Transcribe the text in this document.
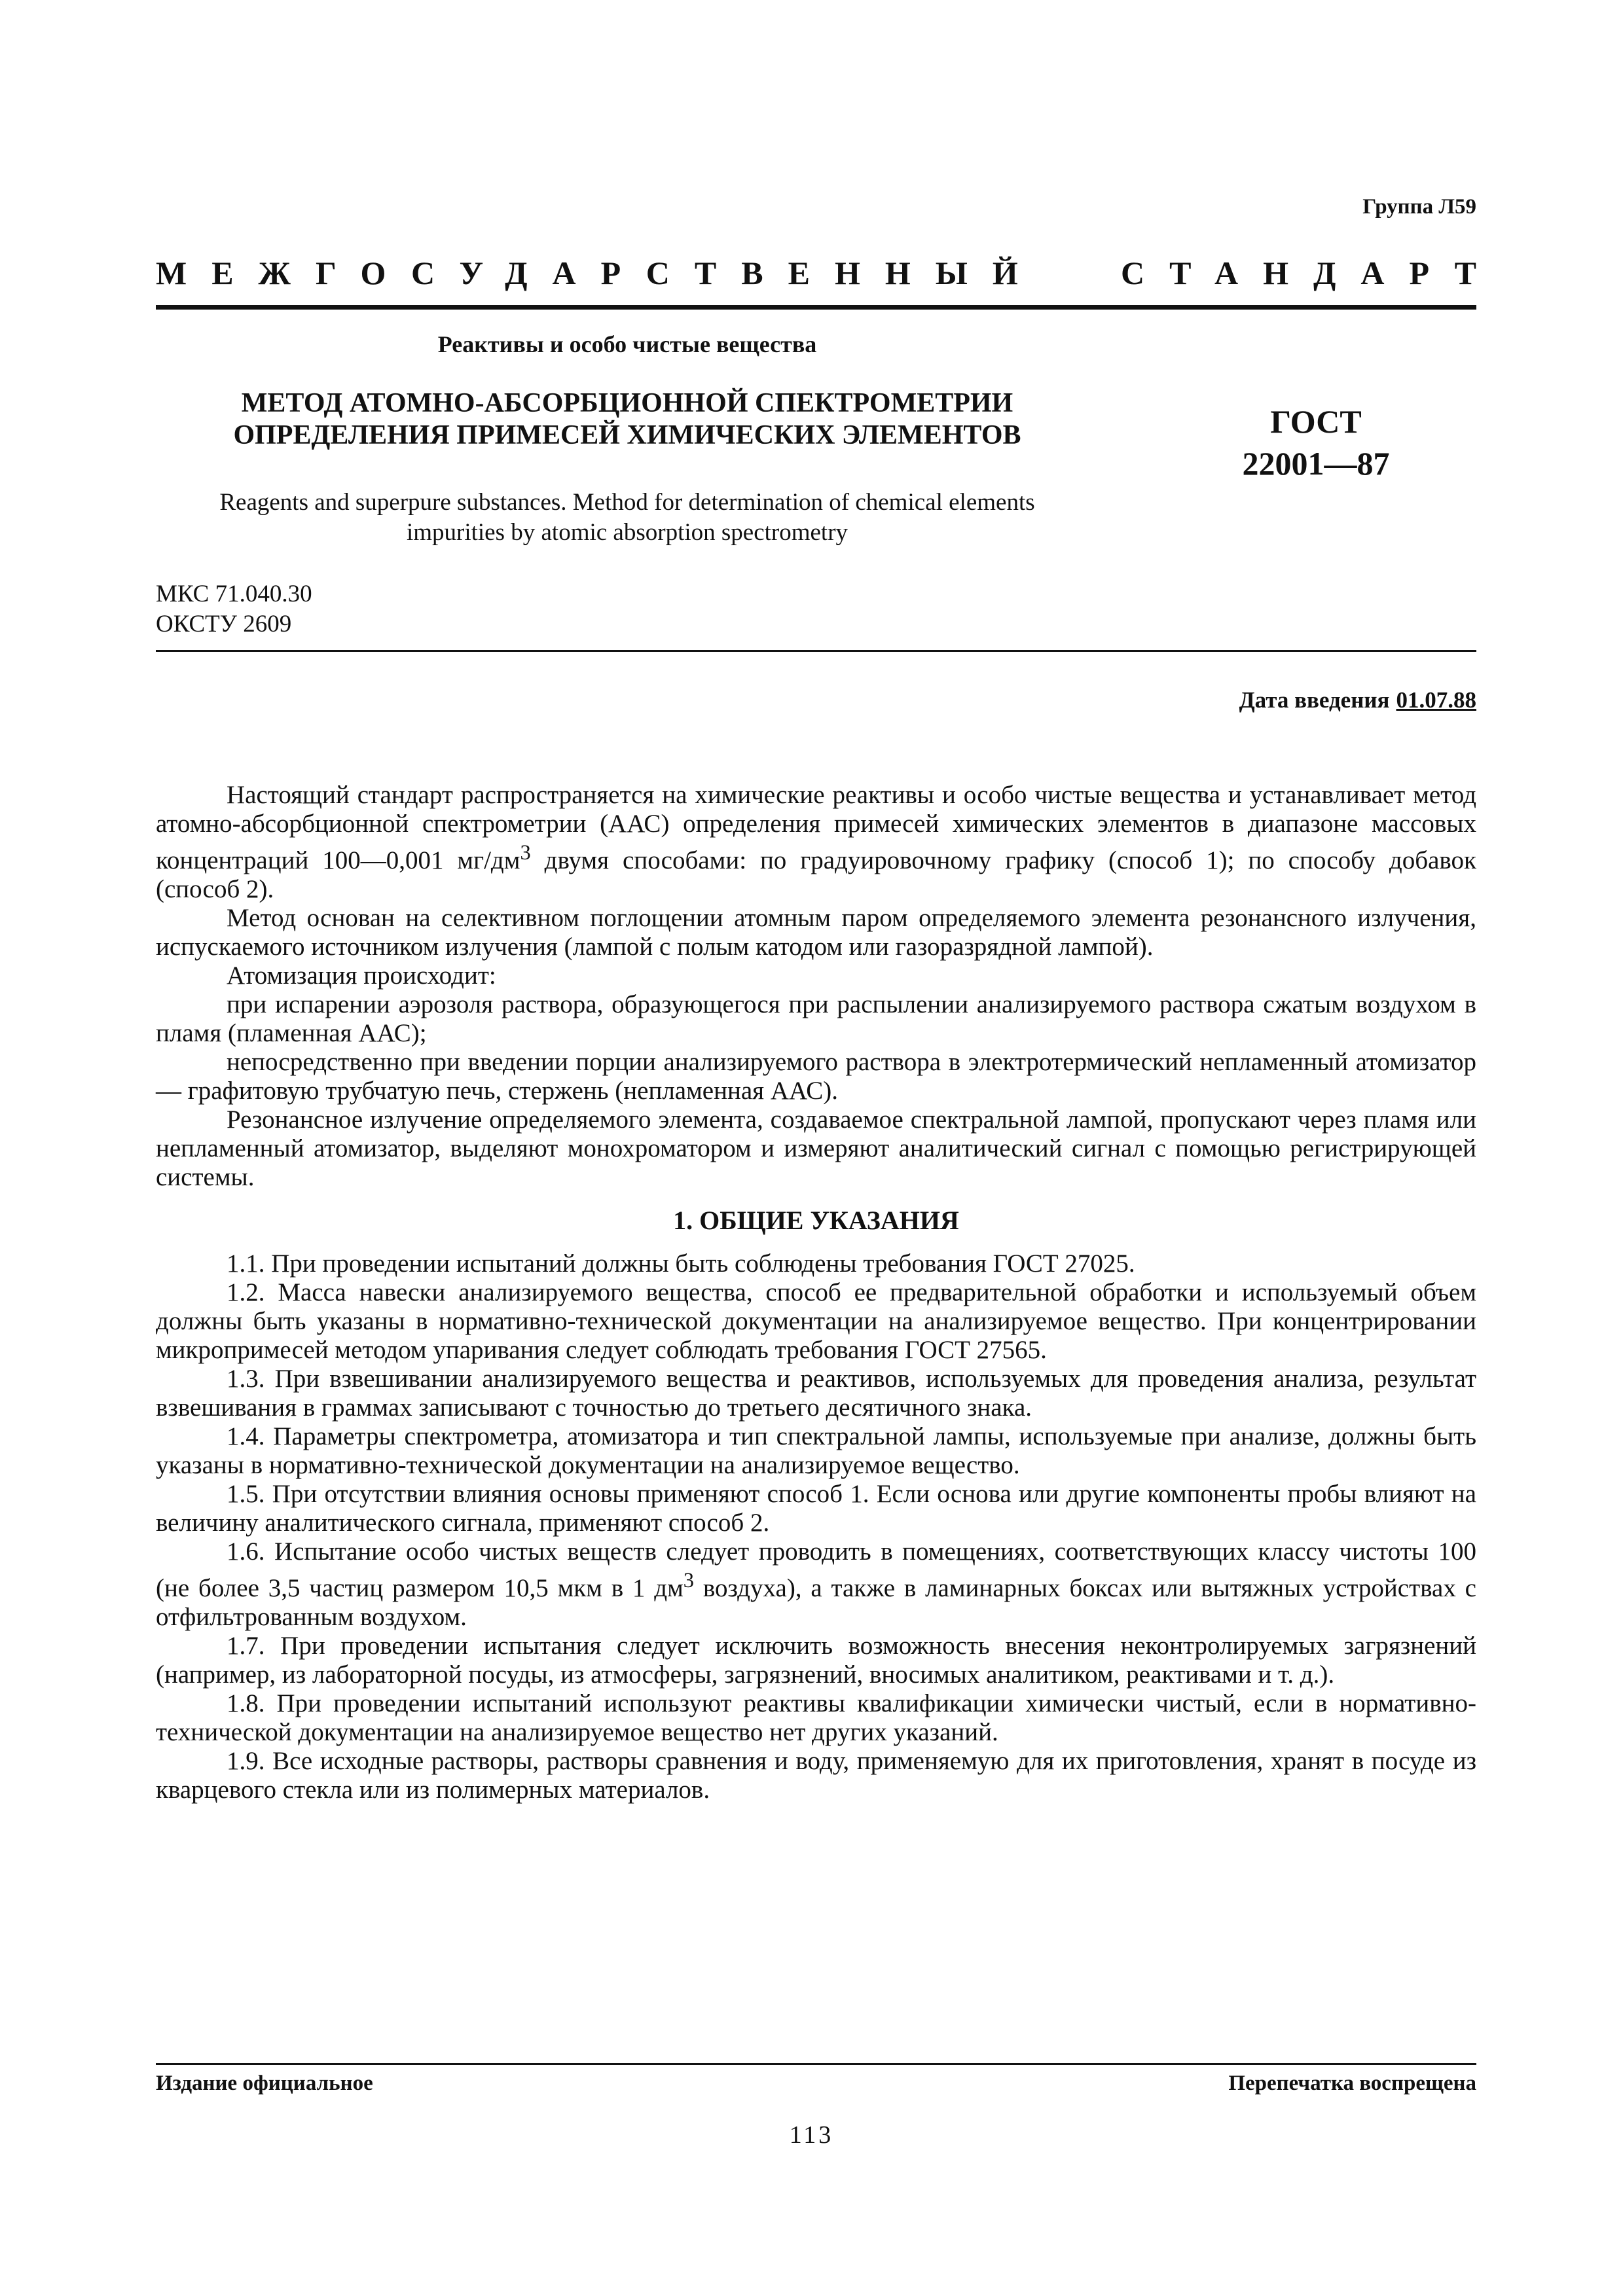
Группа Л59
МЕЖГОСУДАРСТВЕННЫЙ СТАНДАРТ
Реактивы и особо чистые вещества
МЕТОД АТОМНО-АБСОРБЦИОННОЙ СПЕКТРОМЕТРИИ
ОПРЕДЕЛЕНИЯ ПРИМЕСЕЙ ХИМИЧЕСКИХ ЭЛЕМЕНТОВ	ГОСТ
22001—87
Reagents and superpure substances. Method for determination of chemical elements
impurities by atomic absorption spectrometry
МКС 71.040.30
ОКСТУ 2609
Дата введения 01.07.88

Настоящий стандарт распространяется на химические реактивы и особо чистые вещества и устанавливает метод атомно-абсорбционной спектрометрии (ААС) определения примесей химических элементов в диапазоне массовых концентраций 100—0,001 $мг/дм^3$ двумя способами: по градуировочному графику (способ 1); по способу добавок (способ 2).

Метод основан на селективном поглощении атомным паром определяемого элемента резонансного излучения, испускаемого источником излучения (лампой с полым катодом или газоразрядной лампой).

Атомизация происходит:

при испарении аэрозоля раствора, образующегося при распылении анализируемого раствора сжатым воздухом в пламя (пламенная ААС);

непосредственно при введении порции анализируемого раствора в электротермический непламенный атомизатор — графитовую трубчатую печь, стержень (непламенная ААС).

Резонансное излучение определяемого элемента, создаваемое спектральной лампой, пропускают через пламя или непламенный атомизатор, выделяют монохроматором и измеряют аналитический сигнал с помощью регистрирующей системы.

1. ОБЩИЕ УКАЗАНИЯ

1.1. При проведении испытаний должны быть соблюдены требования ГОСТ 27025.

1.2. Масса навески анализируемого вещества, способ ее предварительной обработки и используемый объем должны быть указаны в нормативно-технической документации на анализируемое вещество. При концентрировании микропримесей методом упаривания следует соблюдать требования ГОСТ 27565.

1.3. При взвешивании анализируемого вещества и реактивов, используемых для проведения анализа, результат взвешивания в граммах записывают с точностью до третьего десятичного знака.

1.4. Параметры спектрометра, атомизатора и тип спектральной лампы, используемые при анализе, должны быть указаны в нормативно-технической документации на анализируемое вещество.

1.5. При отсутствии влияния основы применяют способ 1. Если основа или другие компоненты пробы влияют на величину аналитического сигнала, применяют способ 2.

1.6. Испытание особо чистых веществ следует проводить в помещениях, соответствующих классу чистоты 100 (не более 3,5 частиц размером 10,5 мкм в 1 $дм^3$ воздуха), а также в ламинарных боксах или вытяжных устройствах с отфильтрованным воздухом.

1.7. При проведении испытания следует исключить возможность внесения неконтролируемых загрязнений (например, из лабораторной посуды, из атмосферы, загрязнений, вносимых аналитиком, реактивами и т. д.).

1.8. При проведении испытаний используют реактивы квалификации химически чистый, если в нормативно-технической документации на анализируемое вещество нет других указаний.

1.9. Все исходные растворы, растворы сравнения и воду, применяемую для их приготовления, хранят в посуде из кварцевого стекла или из полимерных материалов.

Издание официальное	Перепечатка воспрещена
113
